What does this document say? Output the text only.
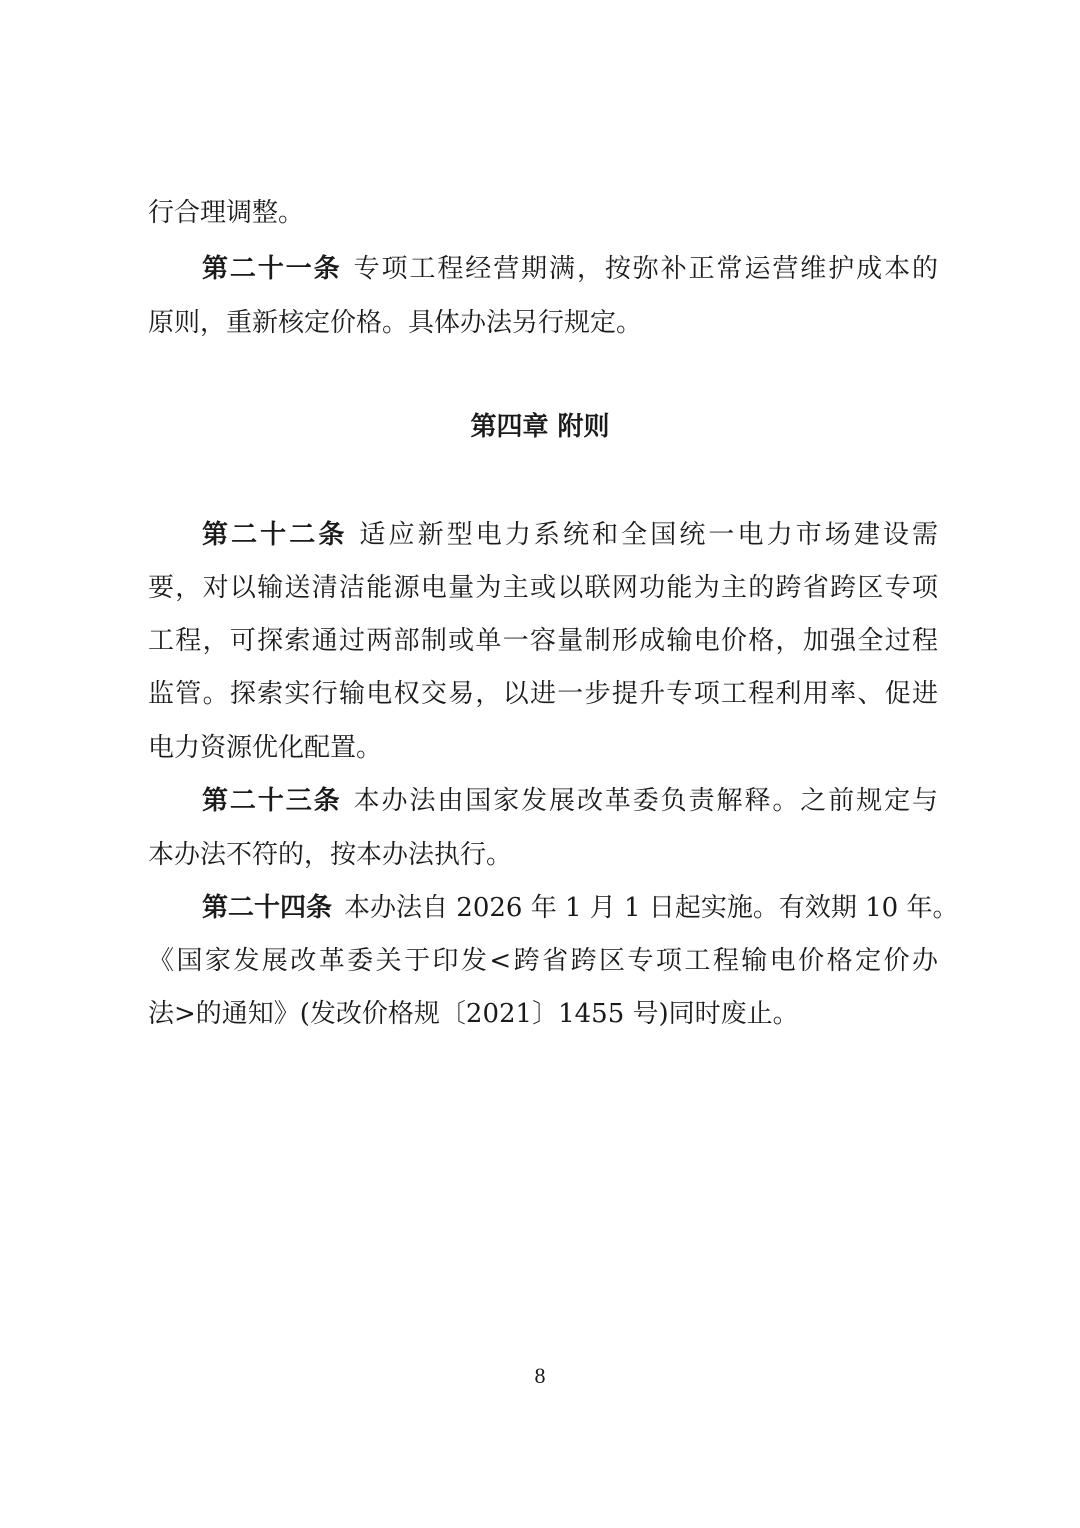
行合理调整。
第二十一条 专项工程经营期满，按弥补正常运营维护成本的
原则，重新核定价格。具体办法另行规定。
第四章 附则
第二十二条 适应新型电力系统和全国统一电力市场建设需
要，对以输送清洁能源电量为主或以联网功能为主的跨省跨区专项
工程，可探索通过两部制或单一容量制形成输电价格，加强全过程
监管。探索实行输电权交易，以进一步提升专项工程利用率、促进
电力资源优化配置。
第二十三条 本办法由国家发展改革委负责解释。之前规定与
本办法不符的，按本办法执行。
第二十四条 本办法自 2026 年 1 月 1 日起实施。有效期 10 年。
《国家发展改革委关于印发<跨省跨区专项工程输电价格定价办
法>的通知》(发改价格规〔2021〕1455 号)同时废止。
8
